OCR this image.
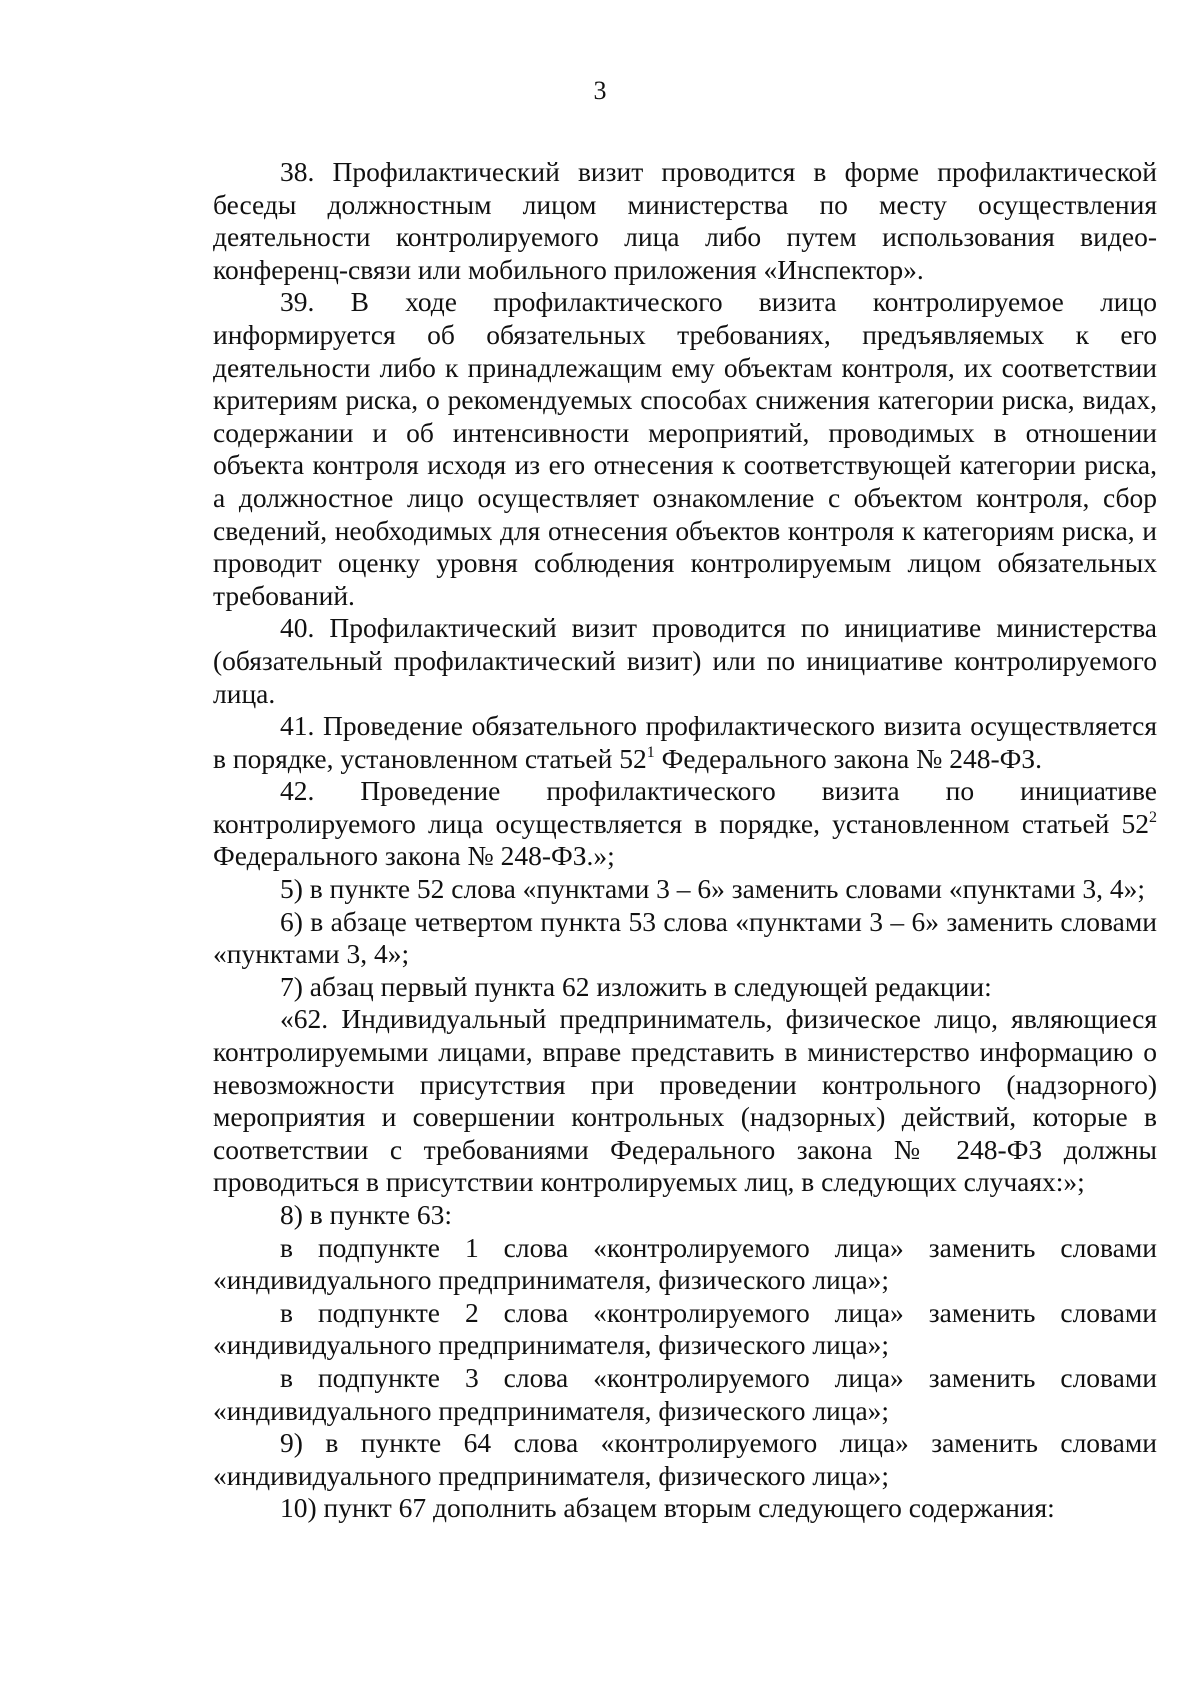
3

38. Профилактический визит проводится в форме профилактической беседы должностным лицом министерства по месту осуществления деятельности контролируемого лица либо путем использования видео-конференц-связи или мобильного приложения «Инспектор».

39. В ходе профилактического визита контролируемое лицо информируется об обязательных требованиях, предъявляемых к его деятельности либо к принадлежащим ему объектам контроля, их соответствии критериям риска, о рекомендуемых способах снижения категории риска, видах, содержании и об интенсивности мероприятий, проводимых в отношении объекта контроля исходя из его отнесения к соответствующей категории риска, а должностное лицо осуществляет ознакомление с объектом контроля, сбор сведений, необходимых для отнесения объектов контроля к категориям риска, и проводит оценку уровня соблюдения контролируемым лицом обязательных требований.

40. Профилактический визит проводится по инициативе министерства (обязательный профилактический визит) или по инициативе контролируемого лица.

41. Проведение обязательного профилактического визита осуществляется в порядке, установленном статьей $52^1$ Федерального закона № 248-ФЗ.

42. Проведение профилактического визита по инициативе контролируемого лица осуществляется в порядке, установленном статьей $52^2$ Федерального закона № 248-ФЗ.»;

5) в пункте 52 слова «пунктами 3 – 6» заменить словами «пунктами 3, 4»;

6) в абзаце четвертом пункта 53 слова «пунктами 3 – 6» заменить словами «пунктами 3, 4»;

7) абзац первый пункта 62 изложить в следующей редакции:

«62. Индивидуальный предприниматель, физическое лицо, являющиеся контролируемыми лицами, вправе представить в министерство информацию о невозможности присутствия при проведении контрольного (надзорного) мероприятия и совершении контрольных (надзорных) действий, которые в соответствии с требованиями Федерального закона № 248-ФЗ должны проводиться в присутствии контролируемых лиц, в следующих случаях:»;

8) в пункте 63:

в подпункте 1 слова «контролируемого лица» заменить словами «индивидуального предпринимателя, физического лица»;

в подпункте 2 слова «контролируемого лица» заменить словами «индивидуального предпринимателя, физического лица»;

в подпункте 3 слова «контролируемого лица» заменить словами «индивидуального предпринимателя, физического лица»;

9) в пункте 64 слова «контролируемого лица» заменить словами «индивидуального предпринимателя, физического лица»;

10) пункт 67 дополнить абзацем вторым следующего содержания:
